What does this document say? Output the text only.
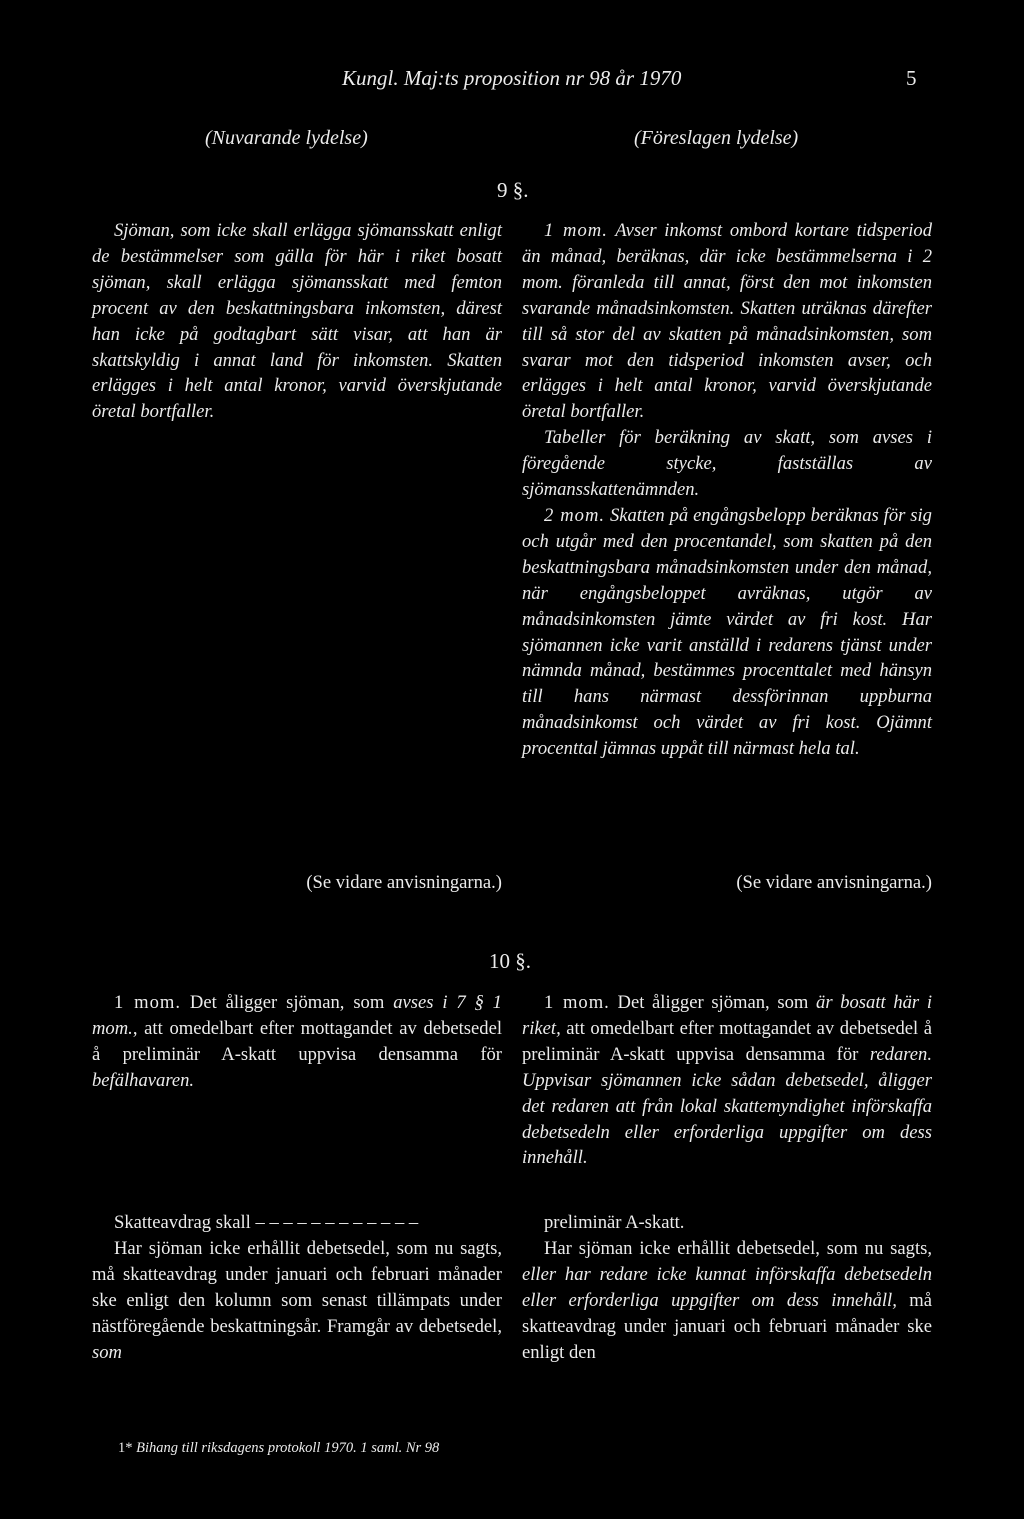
Kungl. Maj:ts proposition nr 98 år 1970	5
(Nuvarande lydelse)	(Föreslagen lydelse)
9 §.

Sjöman, som icke skall erlägga sjömansskatt enligt de bestämmelser som gälla för här i riket bosatt sjöman, skall erlägga sjömansskatt med femton procent av den beskattningsbara inkomsten, därest han icke på godtagbart sätt visar, att han är skattskyldig i annat land för inkomsten. Skatten erlägges i helt antal kronor, varvid överskjutande öretal bortfaller.

(Se vidare anvisningarna.)

1 mom. Avser inkomst ombord kortare tidsperiod än månad, beräknas, där icke bestämmelserna i 2 mom. föranleda till annat, först den mot inkomsten svarande månadsinkomsten. Skatten uträknas därefter till så stor del av skatten på månadsinkomsten, som svarar mot den tidsperiod inkomsten avser, och erlägges i helt antal kronor, varvid överskjutande öretal bortfaller.

Tabeller för beräkning av skatt, som avses i föregående stycke, fastställas av sjömansskattenämnden.

2 mom. Skatten på engångsbelopp beräknas för sig och utgår med den procentandel, som skatten på den beskattningsbara månadsinkomsten under den månad, när engångsbeloppet avräknas, utgör av månadsinkomsten jämte värdet av fri kost. Har sjömannen icke varit anställd i redarens tjänst under nämnda månad, bestämmes procenttalet med hänsyn till hans närmast dessförinnan uppburna månadsinkomst och värdet av fri kost. Ojämnt procenttal jämnas uppåt till närmast hela tal.

(Se vidare anvisningarna.)
10 §.

1 mom. Det åligger sjöman, som avses i 7 § 1 mom., att omedelbart efter mottagandet av debetsedel å preliminär A-skatt uppvisa densamma för befälhavaren.

Skatteavdrag skall – – – – – – – – – – – –

Har sjöman icke erhållit debetsedel, som nu sagts, må skatteavdrag under januari och februari månader ske enligt den kolumn som senast tillämpats under nästföregående beskattningsår. Framgår av debetsedel, som

1 mom. Det åligger sjöman, som är bosatt här i riket, att omedelbart efter mottagandet av debetsedel å preliminär A-skatt uppvisa densamma för redaren. Uppvisar sjömannen icke sådan debetsedel, åligger det redaren att från lokal skattemyndighet införskaffa debetsedeln eller erforderliga uppgifter om dess innehåll.

preliminär A-skatt.

Har sjöman icke erhållit debetsedel, som nu sagts, eller har redare icke kunnat införskaffa debetsedeln eller erforderliga uppgifter om dess innehåll, må skatteavdrag under januari och februari månader ske enligt den

1* Bihang till riksdagens protokoll 1970. 1 saml. Nr 98
